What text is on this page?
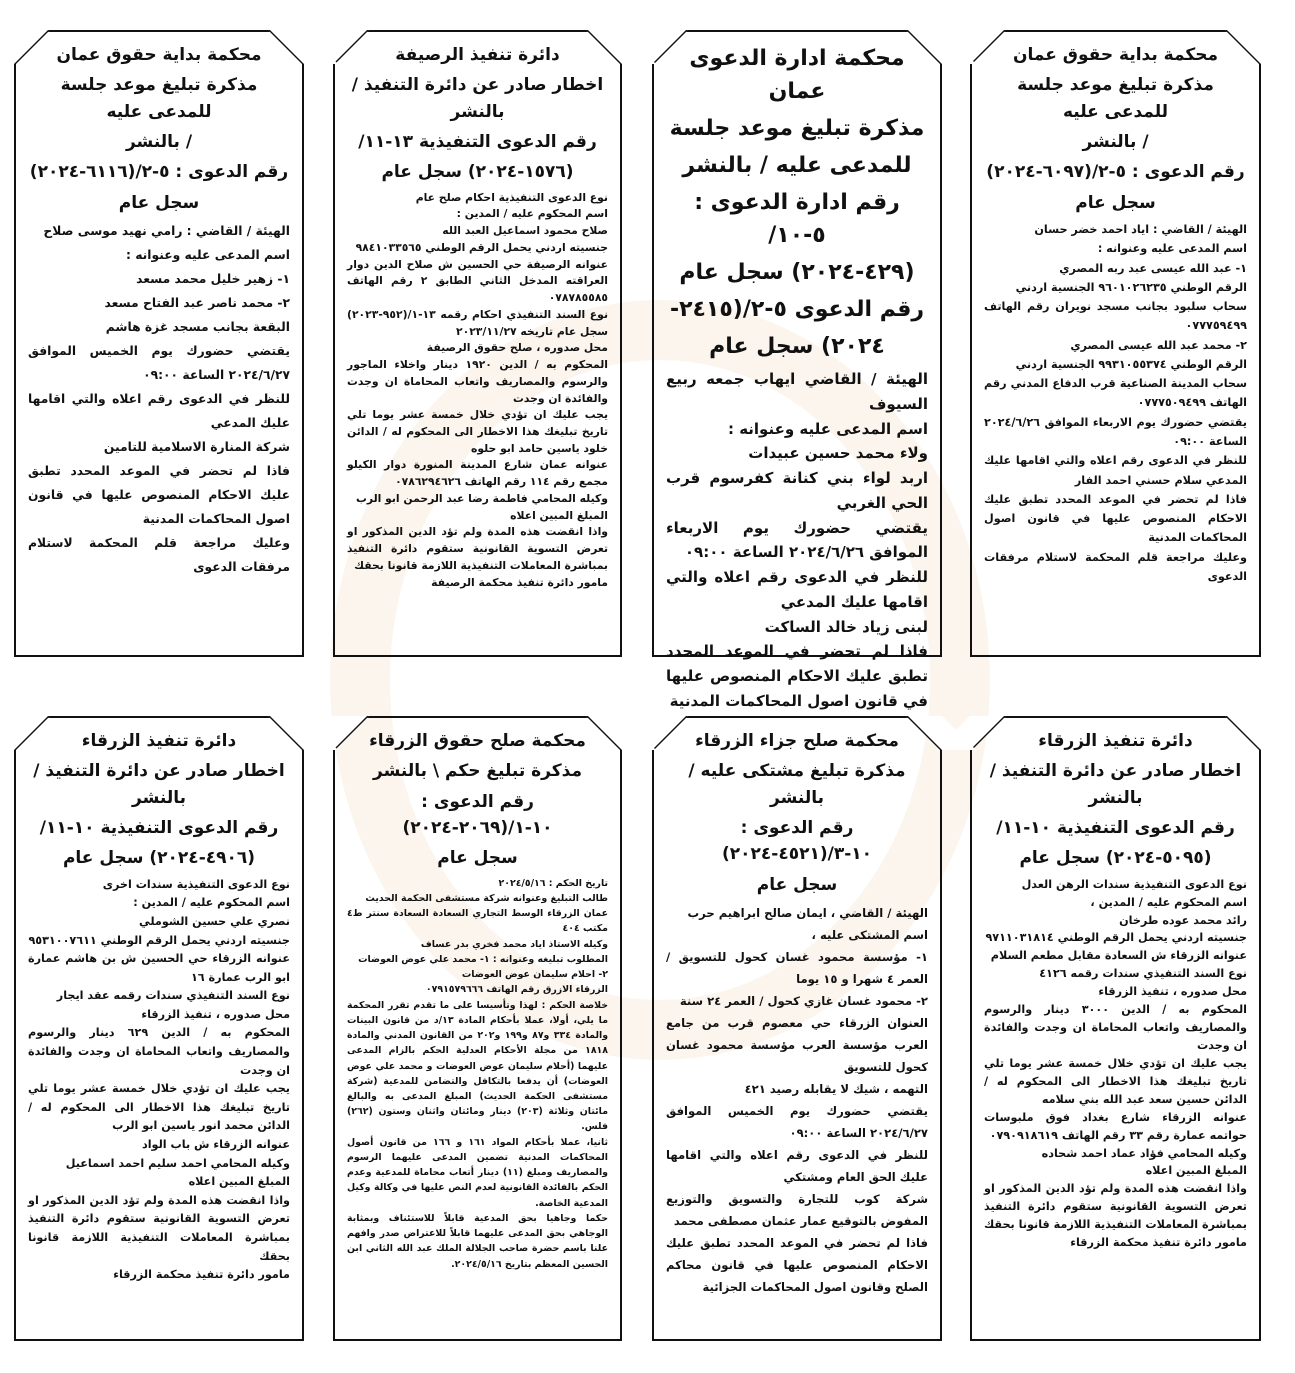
محكمة بداية حقوق عمان
مذكرة تبليغ موعد جلسة للمدعى عليه
/ بالنشر
رقم الدعوى : ٥-٢/(٦٠٩٧-٢٠٢٤)
سجل عام
الهيئة / القاضي : اياد احمد خضر حسان
اسم المدعى عليه وعنوانه :
١- عبد الله عيسى عبد ربه المصري
الرقم الوطني ٩٦٠١٠٢٦٢٣٥ الجنسية اردني
سحاب سلبود بجانب مسجد نويران رقم الهاتف ٠٧٧٧٥٩٤٩٩
٢- محمد عبد الله عيسى المصري
الرقم الوطني ٩٩٣١٠٥٥٣٧٤ الجنسية اردني
سحاب المدينة الصناعية قرب الدفاع المدني رقم الهاتف ٠٧٧٧٥٠٩٤٩٩
يقتضي حضورك يوم الاربعاء الموافق ٢٠٢٤/٦/٢٦ الساعة ٠٩:٠٠
للنظر في الدعوى رقم اعلاه والتي اقامها عليك المدعي سلام حسني احمد الفار
فاذا لم تحضر في الموعد المحدد تطبق عليك الاحكام المنصوص عليها في قانون اصول المحاكمات المدنية
وعليك مراجعة قلم المحكمة لاستلام مرفقات الدعوى
محكمة ادارة الدعوى عمان
مذكرة تبليغ موعد جلسة
للمدعى عليه / بالنشر
رقم ادارة الدعوى : ٥-١٠/
(٤٢٩-٢٠٢٤) سجل عام
رقم الدعوى ٥-٢/(٢٤١٥-
٢٠٢٤) سجل عام
الهيئة / القاضي ايهاب جمعه ربيع السيوف
اسم المدعى عليه وعنوانه :
ولاء محمد حسين عبيدات
اربد لواء بني كنانة كفرسوم قرب الحي الغربي
يقتضي حضورك يوم الاربعاء الموافق ٢٠٢٤/٦/٢٦ الساعة ٠٩:٠٠
للنظر في الدعوى رقم اعلاه والتي اقامها عليك المدعي
لبنى زياد خالد الساكت
فاذا لم تحضر في الموعد المحدد تطبق عليك الاحكام المنصوص عليها في قانون اصول المحاكمات المدنية
دائرة تنفيذ الرصيفة
اخطار صادر عن دائرة التنفيذ / بالنشر
رقم الدعوى التنفيذية ١٣-١١/
(١٥٧٦-٢٠٢٤) سجل عام
نوع الدعوى التنفيذية احكام صلح عام
اسم المحكوم عليه / المدين :
صلاح محمود اسماعيل العبد الله
جنسيته اردني يحمل الرقم الوطني ٩٨٤١٠٣٣٥٦٥
عنوانه الرصيفة حي الحسين ش صلاح الدين دوار العراقته المدخل الثاني الطابق ٢ رقم الهاتف ٠٧٨٧٨٥٥٨٥
نوع السند التنفيذي احكام رقمه ١٣-١/(٩٥٢-٢٠٢٣) سجل عام تاريخه ٢٠٢٣/١١/٢٧
محل صدوره ، صلح حقوق الرصيفة
المحكوم به / الدين ١٩٢٠ دينار واخلاء الماجور والرسوم والمصاريف واتعاب المحاماة ان وجدت والفائدة ان وجدت
يجب عليك ان تؤدي خلال خمسة عشر يوما تلي تاريخ تبليغك هذا الاخطار الى المحكوم له / الدائن خلود ياسين حامد ابو حلوه
عنوانه عمان شارع المدينة المنورة دوار الكيلو مجمع رقم ١١٤ رقم الهاتف ٠٧٨٦٢٩٤٦٢٦
وكيله المحامي فاطمة رضا عبد الرحمن ابو الرب
المبلغ المبين اعلاه
واذا انقضت هذه المدة ولم تؤد الدين المذكور او تعرض التسوية القانونية ستقوم دائرة التنفيذ بمباشرة المعاملات التنفيذية اللازمة قانونا بحقك
مامور دائرة تنفيذ محكمة الرصيفة
محكمة بداية حقوق عمان
مذكرة تبليغ موعد جلسة للمدعى عليه
/ بالنشر
رقم الدعوى : ٥-٢/(٦١١٦-٢٠٢٤)
سجل عام
الهيئة / القاضي : رامي نهيد موسى صلاح
اسم المدعى عليه وعنوانه :
١- زهير خليل محمد مسعد
٢- محمد ناصر عبد الفتاح مسعد
البقعة بجانب مسجد غزة هاشم
يقتضي حضورك يوم الخميس الموافق ٢٠٢٤/٦/٢٧ الساعة ٠٩:٠٠
للنظر في الدعوى رقم اعلاه والتي اقامها عليك المدعي
شركة المنارة الاسلامية للتامين
فاذا لم تحضر في الموعد المحدد تطبق عليك الاحكام المنصوص عليها في قانون اصول المحاكمات المدنية
وعليك مراجعة قلم المحكمة لاستلام مرفقات الدعوى
دائرة تنفيذ الزرقاء
اخطار صادر عن دائرة التنفيذ / بالنشر
رقم الدعوى التنفيذية ١٠-١١/
(٥٠٩٥-٢٠٢٤) سجل عام
نوع الدعوى التنفيذية سندات الرهن العدل
اسم المحكوم عليه / المدين ،
رائد محمد عوده طرخان
جنسيته اردني يحمل الرقم الوطني ٩٧١١٠٣١٨١٤
عنوانه الزرقاء ش السعادة مقابل مطعم السلام
نوع السند التنفيذي سندات رقمه ٤١٢٦
محل صدوره ، تنفيذ الزرقاء
المحكوم به / الدين ٣٠٠٠ دينار والرسوم والمصاريف واتعاب المحاماة ان وجدت والفائدة ان وجدت
يجب عليك ان تؤدي خلال خمسة عشر يوما تلي تاريخ تبليغك هذا الاخطار الى المحكوم له / الدائن حسين سعد عبد الله بني سلامه
عنوانه الزرقاء شارع بغداد فوق ملبوسات حواتمه عمارة رقم ٣٣ رقم الهاتف ٠٧٩٠٩١٨٦١٩
وكيله المحامي فؤاد عماد احمد شحاده
المبلغ المبين اعلاه
واذا انقضت هذه المدة ولم تؤد الدين المذكور او تعرض التسوية القانونية ستقوم دائرة التنفيذ بمباشرة المعاملات التنفيذية اللازمة قانونا بحقك
مامور دائرة تنفيذ محكمة الزرقاء
محكمة صلح جزاء الزرقاء
مذكرة تبليغ مشتكى عليه / بالنشر
رقم الدعوى : ١٠-٣/(٤٥٢١-٢٠٢٤)
سجل عام
الهيئة / القاضي ، ايمان صالح ابراهيم حرب
اسم المشتكى عليه ،
١- مؤسسة محمود غسان كحول للتسويق / العمر ٤ شهرا و ١٥ يوما
٢- محمود غسان غازي كحول / العمر ٢٤ سنة
العنوان الزرقاء حي معصوم قرب من جامع العرب مؤسسة العرب مؤسسة محمود غسان كحول للتسويق
التهمه ، شيك لا يقابله رصيد ٤٢١
يقتضي حضورك يوم الخميس الموافق ٢٠٢٤/٦/٢٧ الساعة ٠٩:٠٠
للنظر في الدعوى رقم اعلاه والتي اقامها عليك الحق العام ومشتكي
شركة كوب للتجارة والتسويق والتوزيع المفوض بالتوقيع عمار عثمان مصطفى محمد
فاذا لم تحضر في الموعد المحدد تطبق عليك الاحكام المنصوص عليها في قانون محاكم الصلح وقانون اصول المحاكمات الجزائية
محكمة صلح حقوق الزرقاء
مذكرة تبليغ حكم \ بالنشر
رقم الدعوى : ١٠-١/(٢٠٦٩-٢٠٢٤)
سجل عام
تاريخ الحكم : ٢٠٢٤/٥/١٦
طالب التبليغ وعنوانه شركة مستشفى الحكمة الحديث
عمان الزرقاء الوسط التجاري السعادة السعادة سنتر ط٤ مكتب ٤٠٤
وكيله الاستاذ اياد محمد فخري بدر عساف
المطلوب تبليغه وعنوانه : ١- محمد علي عوض العوضات
٢- احلام سليمان عوض العوضات
الزرقاء الازرق رقم الهاتف ٠٧٩١٥٧٩٦٦٦
خلاصة الحكم : لهذا وتأسيسا على ما تقدم تقرر المحكمة ما يلي، أولا، عملا بأحكام المادة ١٣/د من قانون البينات والمادة ٣٣٤ و٨٧ و١٩٩ و٢٠٢ من القانون المدني والمادة ١٨١٨ من مجلة الأحكام العدلية الحكم بالزام المدعى عليهما (أحلام سليمان عوض العوضات و محمد علي عوض العوضات) أن يدفعا بالتكافل والتضامن للمدعية (شركة مستشفى الحكمة الحديث) المبلغ المدعى به والبالغ مائتان وثلاثة (٢٠٣) دينار ومائتان واثنان وستون (٢٦٢) فلس.
ثانيا، عملا بأحكام المواد ١٦١ و ١٦٦ من قانون أصول المحاكمات المدنية تضمين المدعى عليهما الرسوم والمصاريف ومبلغ (١١) دينار أتعاب محاماة للمدعية وعدم الحكم بالفائدة القانونية لعدم النص عليها في وكالة وكيل المدعية الخاصة.
حكما وجاهيا بحق المدعية قابلاً للاستئناف وبمثابة الوجاهي بحق المدعى عليهما قابلاً للاعتراض صدر وافهم علنا باسم حضرة صاحب الجلالة الملك عبد الله الثاني ابن الحسين المعظم بتاريخ ٢٠٢٤/٥/١٦.
دائرة تنفيذ الزرقاء
اخطار صادر عن دائرة التنفيذ / بالنشر
رقم الدعوى التنفيذية ١٠-١١/
(٤٩٠٦-٢٠٢٤) سجل عام
نوع الدعوى التنفيذية سندات اخرى
اسم المحكوم عليه / المدين :
نصري علي حسين الشوملي
جنسيته اردني يحمل الرقم الوطني ٩٥٣١٠٠٧٦١١
عنوانه الزرقاء حي الحسين ش بن هاشم عمارة ابو الرب عمارة ١٦
نوع السند التنفيذي سندات رقمه عقد ايجار
محل صدوره ، تنفيذ الزرقاء
المحكوم به / الدين ٦٢٩ دينار والرسوم والمصاريف واتعاب المحاماة ان وجدت والفائدة ان وجدت
يجب عليك ان تؤدي خلال خمسة عشر يوما تلي تاريخ تبليغك هذا الاخطار الى المحكوم له / الدائن محمد انور ياسين ابو الرب
عنوانه الزرقاء ش باب الواد
وكيله المحامي احمد سليم احمد اسماعيل
المبلغ المبين اعلاه
واذا انقضت هذه المدة ولم تؤد الدين المذكور او تعرض التسوية القانونية ستقوم دائرة التنفيذ بمباشرة المعاملات التنفيذية اللازمة قانونا بحقك
مامور دائرة تنفيذ محكمة الزرقاء
